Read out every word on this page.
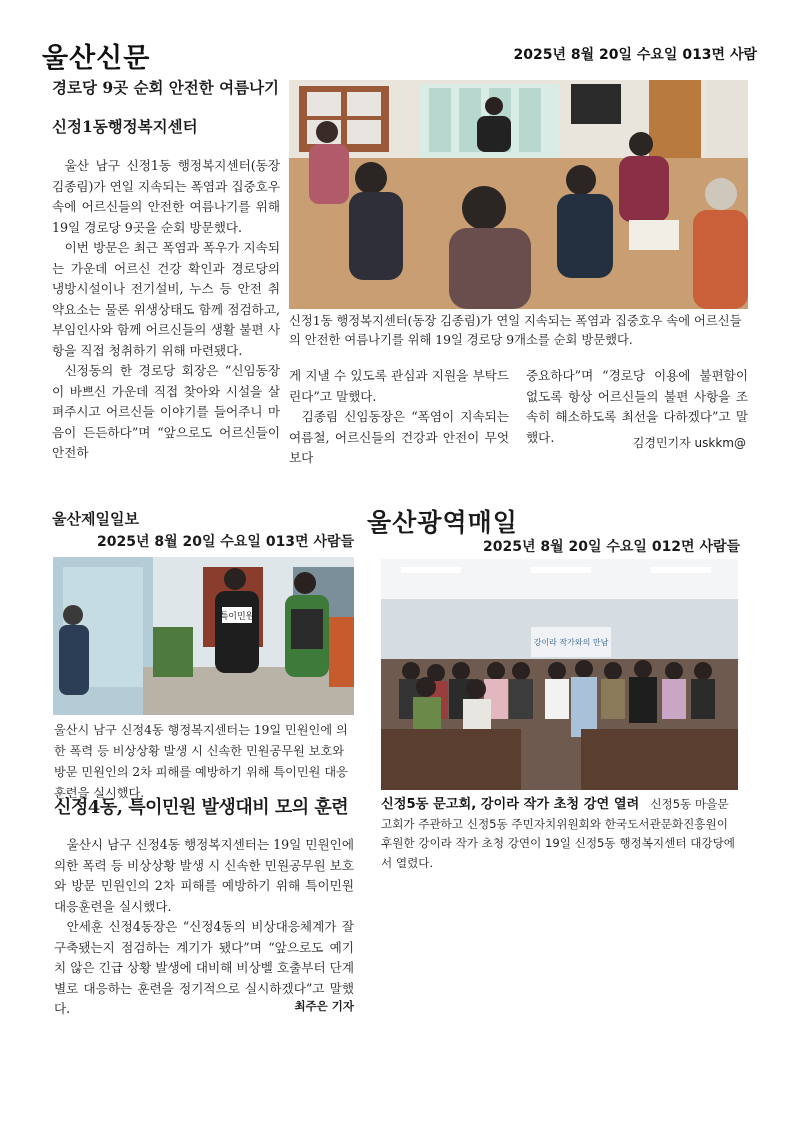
울산신문	2025년 8월 20일 수요일 013면 사람
경로당 9곳 순회 안전한 여름나기
신정1동행정복지센터

울산 남구 신정1동 행정복지센터(동장 김종림)가 연일 지속되는 폭염과 집중호우 속에 어르신들의 안전한 여름나기를 위해 19일 경로당 9곳을 순회 방문했다.

이번 방문은 최근 폭염과 폭우가 지속되는 가운데 어르신 건강 확인과 경로당의 냉방시설이나 전기설비, 누스 등 안전 취약요소는 물론 위생상태도 함께 점검하고, 부임인사와 함께 어르신들의 생활 불편 사항을 직접 청취하기 위해 마련됐다.

신정동의 한 경로당 회장은 “신임동장이 바쁘신 가운데 직접 찾아와 시설을 살펴주시고 어르신들 이야기를 들어주니 마음이 든든하다”며 “앞으로도 어르신들이 안전하

신정1동 행정복지센터(동장 김종림)가 연일 지속되는 폭염과 집중호우 속에 어르신들의 안전한 여름나기를 위해 19일 경로당 9개소를 순회 방문했다.

게 지낼 수 있도록 관심과 지원을 부탁드린다”고 말했다.

김종림 신임동장은 “폭염이 지속되는 여름철, 어르신들의 건강과 안전이 무엇보다

중요하다”며 “경로당 이용에 불편함이 없도록 항상 어르신들의 불편 사항을 조속히 해소하도록 최선을 다하겠다”고 말했다.	김경민기자 uskkm@
울산제일일보
2025년 8월 20일 수요일 013면 사람들
특이민원
울산시 남구 신정4동 행정복지센터는 19일 민원인에 의한 폭력 등 비상상황 발생 시 신속한 민원공무원 보호와 방문 민원인의 2차 피해를 예방하기 위해 특이민원 대응훈련을 실시했다.
신정4동, 특이민원 발생대비 모의 훈련

울산시 남구 신정4동 행정복지센터는 19일 민원인에 의한 폭력 등 비상상황 발생 시 신속한 민원공무원 보호와 방문 민원인의 2차 피해를 예방하기 위해 특이민원 대응훈련을 실시했다.

안세훈 신정4동장은 “신정4동의 비상대응체계가 잘 구축됐는지 점검하는 계기가 됐다”며 “앞으로도 예기치 않은 긴급 상황 발생에 대비해 비상벨 호출부터 단계별로 대응하는 훈련을 정기적으로 실시하겠다”고 말했다.	최주은 기자
울산광역매일
2025년 8월 20일 수요일 012면 사람들
강이라 작가와의 만남
신정5동 문고회, 강이라 작가 초청 강연 열려 신정5동 마을문고회가 주관하고 신정5동 주민자치위원회와 한국도서관문화진흥원이 후원한 강이라 작가 초청 강연이 19일 신정5동 행정복지센터 대강당에서 열렸다.
